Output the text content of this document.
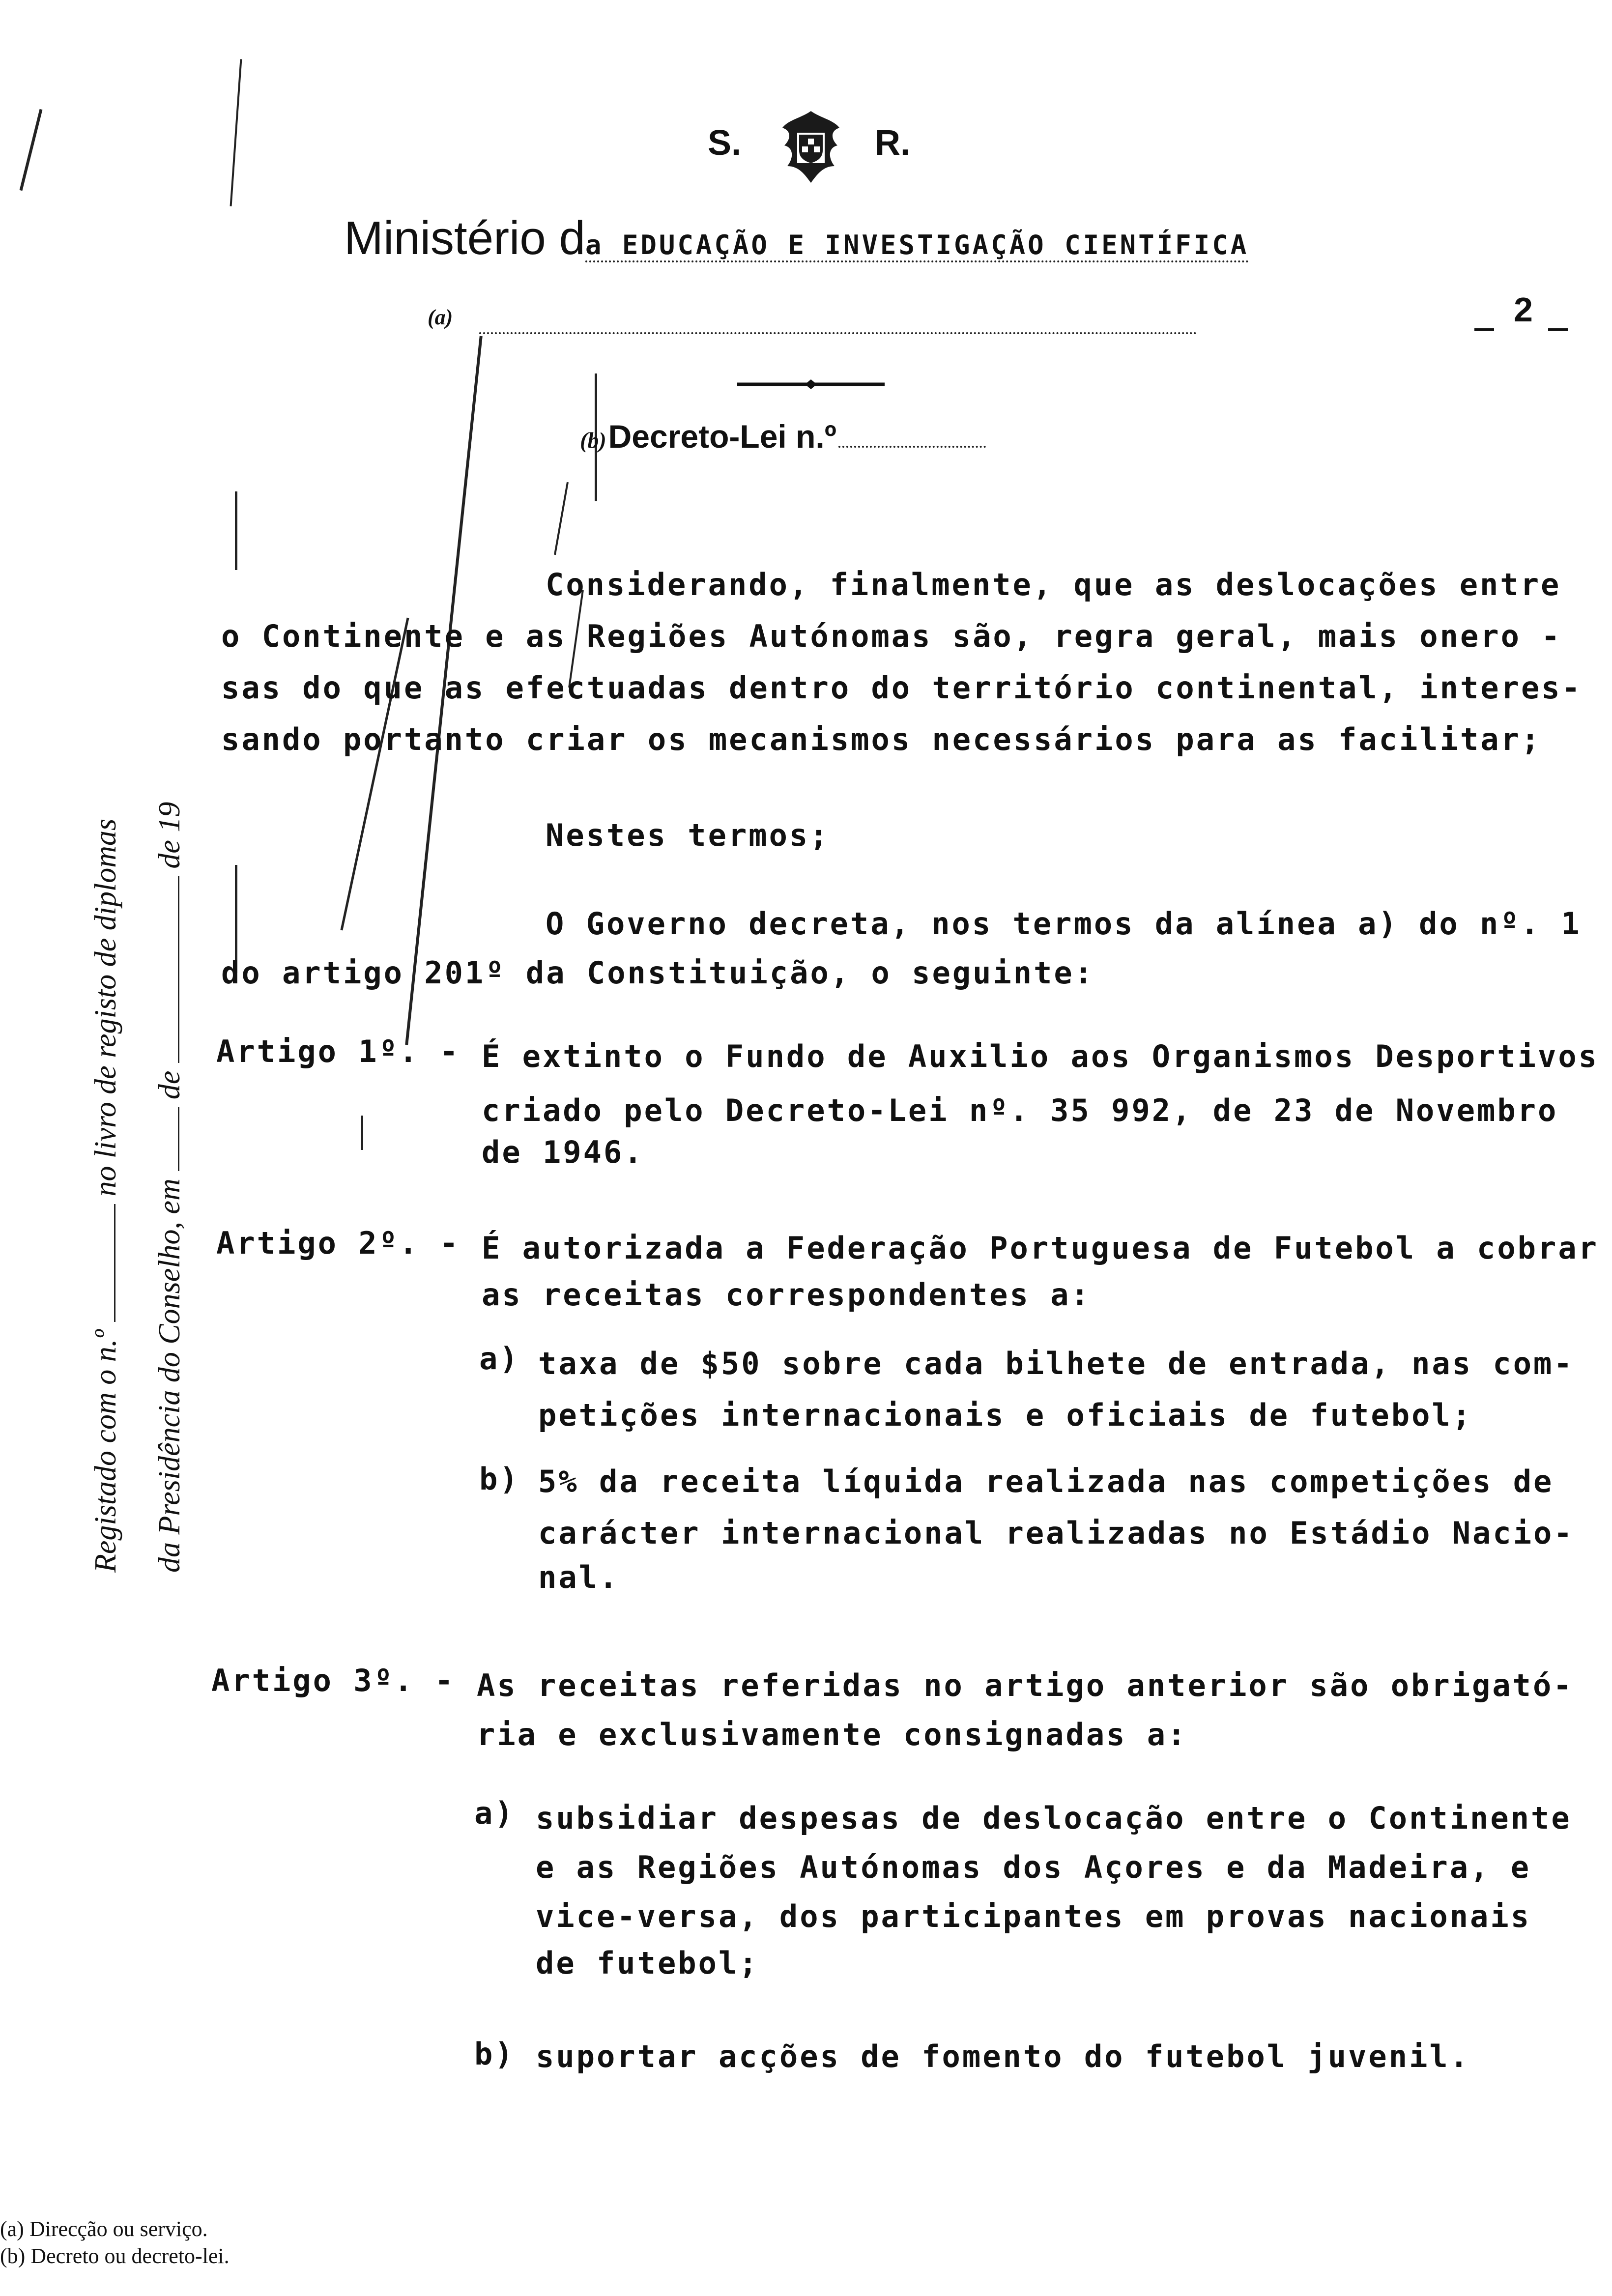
S.	R.
Ministério da EDUCAÇÃO E INVESTIGAÇÃO CIENTÍFICA
(a)	2
(b) Decreto-Lei n.º
Registado com o n.º  no livro de registo de diplomas
da Presidência do Conselho, em  de  de 19
Considerando, finalmente, que as deslocações entre
o Continente e as Regiões Autónomas são, regra geral, mais onero -
sas do que as efectuadas dentro do território continental, interes-
sando portanto criar os mecanismos necessários para as facilitar;
Nestes termos;
O Governo decreta, nos termos da alínea a) do nº. 1
do artigo 201º da Constituição, o seguinte:
Artigo 1º. - É extinto o Fundo de Auxilio aos Organismos Desportivos
criado pelo Decreto-Lei nº. 35 992, de 23 de Novembro
de 1946.
Artigo 2º. - É autorizada a Federação Portuguesa de Futebol a cobrar
as receitas correspondentes a:
a) taxa de $50 sobre cada bilhete de entrada, nas com-
petições internacionais e oficiais de futebol;
b) 5% da receita líquida realizada nas competições de
carácter internacional realizadas no Estádio Nacio-
nal.
Artigo 3º. - As receitas referidas no artigo anterior são obrigató-
ria e exclusivamente consignadas a:
a) subsidiar despesas de deslocação entre o Continente
e as Regiões Autónomas dos Açores e da Madeira, e
vice-versa, dos participantes em provas nacionais
de futebol;
b) suportar acções de fomento do futebol juvenil.
(a) Direcção ou serviço.
(b) Decreto ou decreto-lei.
